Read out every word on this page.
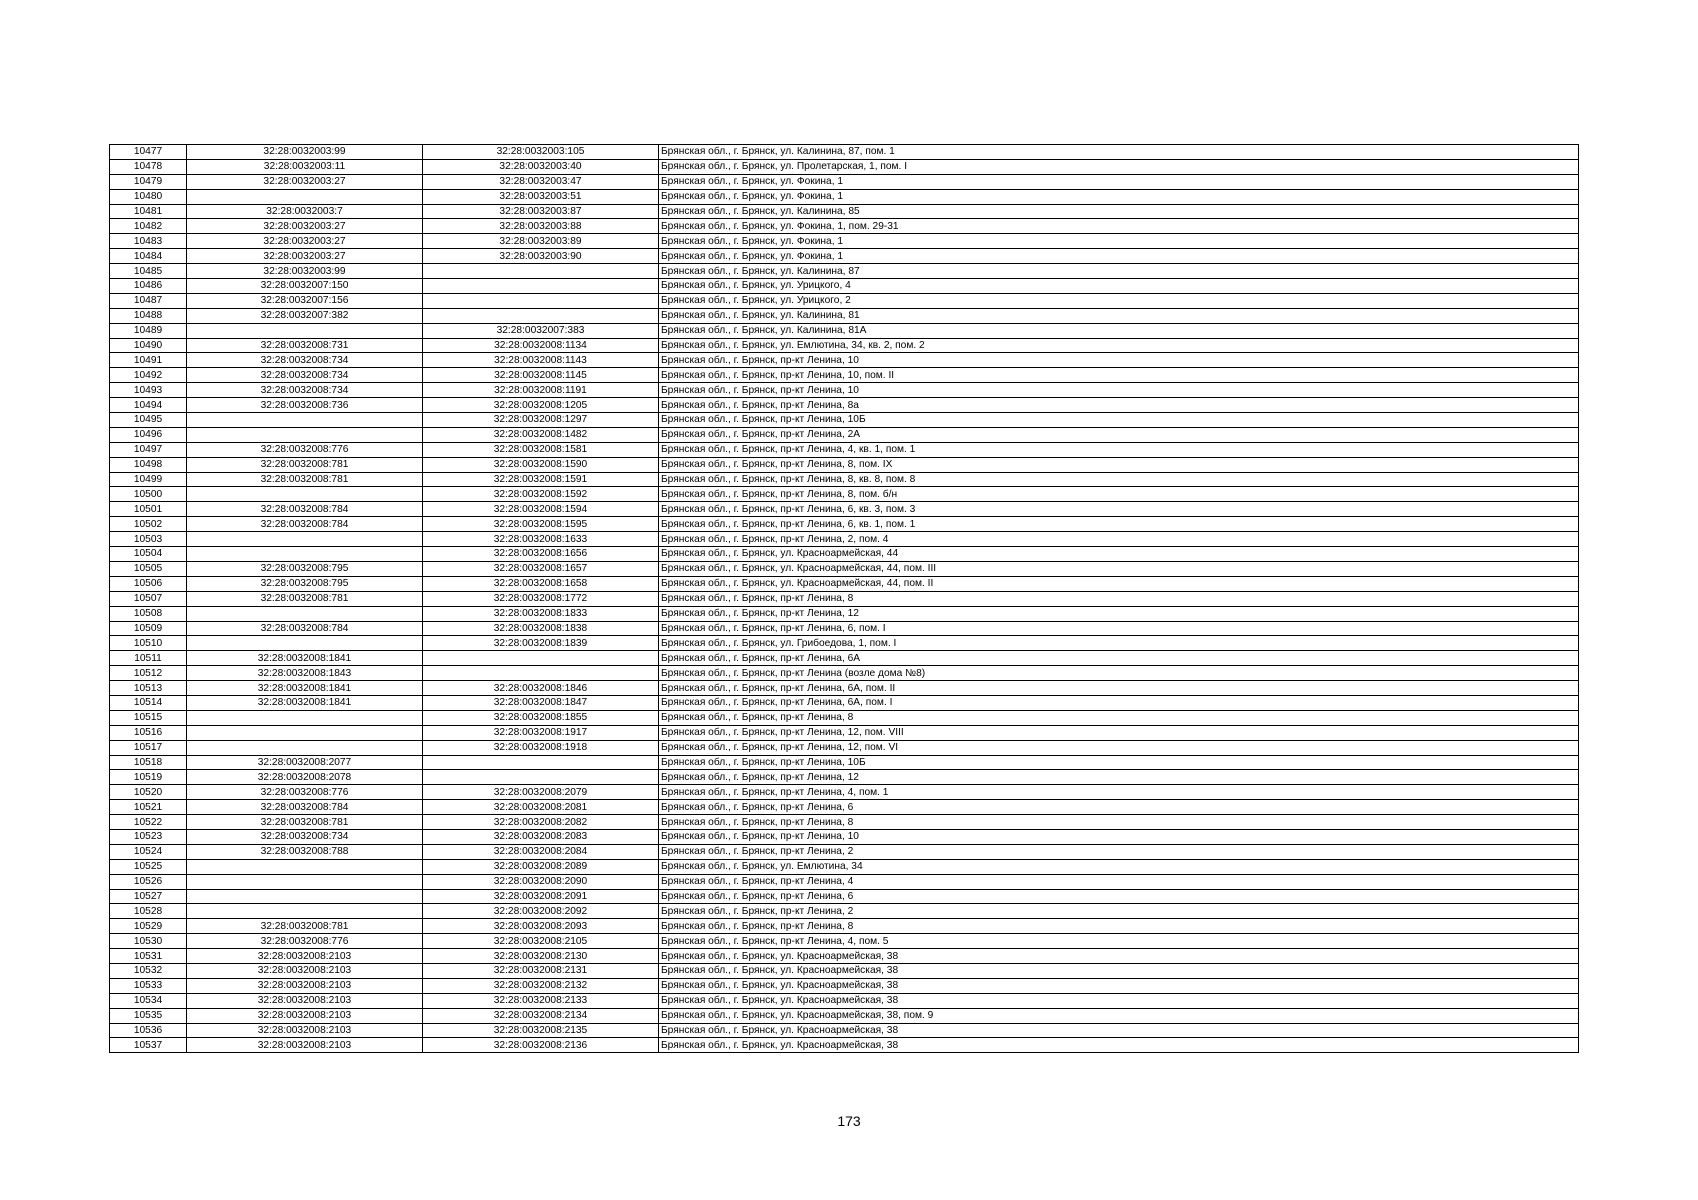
10477	32:28:0032003:99	32:28:0032003:105	Брянская обл., г. Брянск, ул. Калинина, 87, пом. 1
10478	32:28:0032003:11	32:28:0032003:40	Брянская обл., г. Брянск, ул. Пролетарская, 1, пом. I
10479	32:28:0032003:27	32:28:0032003:47	Брянская обл., г. Брянск, ул. Фокина, 1
10480		32:28:0032003:51	Брянская обл., г. Брянск, ул. Фокина, 1
10481	32:28:0032003:7	32:28:0032003:87	Брянская обл., г. Брянск, ул. Калинина, 85
10482	32:28:0032003:27	32:28:0032003:88	Брянская обл., г. Брянск, ул. Фокина, 1, пом. 29-31
10483	32:28:0032003:27	32:28:0032003:89	Брянская обл., г. Брянск, ул. Фокина, 1
10484	32:28:0032003:27	32:28:0032003:90	Брянская обл., г. Брянск, ул. Фокина, 1
10485	32:28:0032003:99		Брянская обл., г. Брянск, ул. Калинина, 87
10486	32:28:0032007:150		Брянская обл., г. Брянск, ул. Урицкого, 4
10487	32:28:0032007:156		Брянская обл., г. Брянск, ул. Урицкого, 2
10488	32:28:0032007:382		Брянская обл., г. Брянск, ул. Калинина, 81
10489		32:28:0032007:383	Брянская обл., г. Брянск, ул. Калинина, 81А
10490	32:28:0032008:731	32:28:0032008:1134	Брянская обл., г. Брянск, ул. Емлютина, 34, кв. 2, пом. 2
10491	32:28:0032008:734	32:28:0032008:1143	Брянская обл., г. Брянск, пр-кт Ленина, 10
10492	32:28:0032008:734	32:28:0032008:1145	Брянская обл., г. Брянск, пр-кт Ленина, 10, пом. II
10493	32:28:0032008:734	32:28:0032008:1191	Брянская обл., г. Брянск, пр-кт Ленина, 10
10494	32:28:0032008:736	32:28:0032008:1205	Брянская обл., г. Брянск, пр-кт Ленина, 8а
10495		32:28:0032008:1297	Брянская обл., г. Брянск, пр-кт Ленина, 10Б
10496		32:28:0032008:1482	Брянская обл., г. Брянск, пр-кт Ленина, 2А
10497	32:28:0032008:776	32:28:0032008:1581	Брянская обл., г. Брянск, пр-кт Ленина, 4, кв. 1, пом. 1
10498	32:28:0032008:781	32:28:0032008:1590	Брянская обл., г. Брянск, пр-кт Ленина, 8, пом. IX
10499	32:28:0032008:781	32:28:0032008:1591	Брянская обл., г. Брянск, пр-кт Ленина, 8, кв. 8, пом. 8
10500		32:28:0032008:1592	Брянская обл., г. Брянск, пр-кт Ленина, 8, пом. б/н
10501	32:28:0032008:784	32:28:0032008:1594	Брянская обл., г. Брянск, пр-кт Ленина, 6, кв. 3, пом. 3
10502	32:28:0032008:784	32:28:0032008:1595	Брянская обл., г. Брянск, пр-кт Ленина, 6, кв. 1, пом. 1
10503		32:28:0032008:1633	Брянская обл., г. Брянск, пр-кт Ленина, 2, пом. 4
10504		32:28:0032008:1656	Брянская обл., г. Брянск, ул. Красноармейская, 44
10505	32:28:0032008:795	32:28:0032008:1657	Брянская обл., г. Брянск, ул. Красноармейская, 44, пом. III
10506	32:28:0032008:795	32:28:0032008:1658	Брянская обл., г. Брянск, ул. Красноармейская, 44, пом. II
10507	32:28:0032008:781	32:28:0032008:1772	Брянская обл., г. Брянск, пр-кт Ленина, 8
10508		32:28:0032008:1833	Брянская обл., г. Брянск, пр-кт Ленина, 12
10509	32:28:0032008:784	32:28:0032008:1838	Брянская обл., г. Брянск, пр-кт Ленина, 6, пом. I
10510		32:28:0032008:1839	Брянская обл., г. Брянск, ул. Грибоедова, 1, пом. I
10511	32:28:0032008:1841		Брянская обл., г. Брянск, пр-кт Ленина, 6А
10512	32:28:0032008:1843		Брянская обл., г. Брянск, пр-кт Ленина (возле дома №8)
10513	32:28:0032008:1841	32:28:0032008:1846	Брянская обл., г. Брянск, пр-кт Ленина, 6А, пом. II
10514	32:28:0032008:1841	32:28:0032008:1847	Брянская обл., г. Брянск, пр-кт Ленина, 6А, пом. I
10515		32:28:0032008:1855	Брянская обл., г. Брянск, пр-кт Ленина, 8
10516		32:28:0032008:1917	Брянская обл., г. Брянск, пр-кт Ленина, 12, пом. VIII
10517		32:28:0032008:1918	Брянская обл., г. Брянск, пр-кт Ленина, 12, пом. VI
10518	32:28:0032008:2077		Брянская обл., г. Брянск, пр-кт Ленина, 10Б
10519	32:28:0032008:2078		Брянская обл., г. Брянск, пр-кт Ленина, 12
10520	32:28:0032008:776	32:28:0032008:2079	Брянская обл., г. Брянск, пр-кт Ленина, 4, пом. 1
10521	32:28:0032008:784	32:28:0032008:2081	Брянская обл., г. Брянск, пр-кт Ленина, 6
10522	32:28:0032008:781	32:28:0032008:2082	Брянская обл., г. Брянск, пр-кт Ленина, 8
10523	32:28:0032008:734	32:28:0032008:2083	Брянская обл., г. Брянск, пр-кт Ленина, 10
10524	32:28:0032008:788	32:28:0032008:2084	Брянская обл., г. Брянск, пр-кт Ленина, 2
10525		32:28:0032008:2089	Брянская обл., г. Брянск, ул. Емлютина, 34
10526		32:28:0032008:2090	Брянская обл., г. Брянск, пр-кт Ленина, 4
10527		32:28:0032008:2091	Брянская обл., г. Брянск, пр-кт Ленина, 6
10528		32:28:0032008:2092	Брянская обл., г. Брянск, пр-кт Ленина, 2
10529	32:28:0032008:781	32:28:0032008:2093	Брянская обл., г. Брянск, пр-кт Ленина, 8
10530	32:28:0032008:776	32:28:0032008:2105	Брянская обл., г. Брянск, пр-кт Ленина, 4, пом. 5
10531	32:28:0032008:2103	32:28:0032008:2130	Брянская обл., г. Брянск, ул. Красноармейская, 38
10532	32:28:0032008:2103	32:28:0032008:2131	Брянская обл., г. Брянск, ул. Красноармейская, 38
10533	32:28:0032008:2103	32:28:0032008:2132	Брянская обл., г. Брянск, ул. Красноармейская, 38
10534	32:28:0032008:2103	32:28:0032008:2133	Брянская обл., г. Брянск, ул. Красноармейская, 38
10535	32:28:0032008:2103	32:28:0032008:2134	Брянская обл., г. Брянск, ул. Красноармейская, 38, пом. 9
10536	32:28:0032008:2103	32:28:0032008:2135	Брянская обл., г. Брянск, ул. Красноармейская, 38
10537	32:28:0032008:2103	32:28:0032008:2136	Брянская обл., г. Брянск, ул. Красноармейская, 38
173
